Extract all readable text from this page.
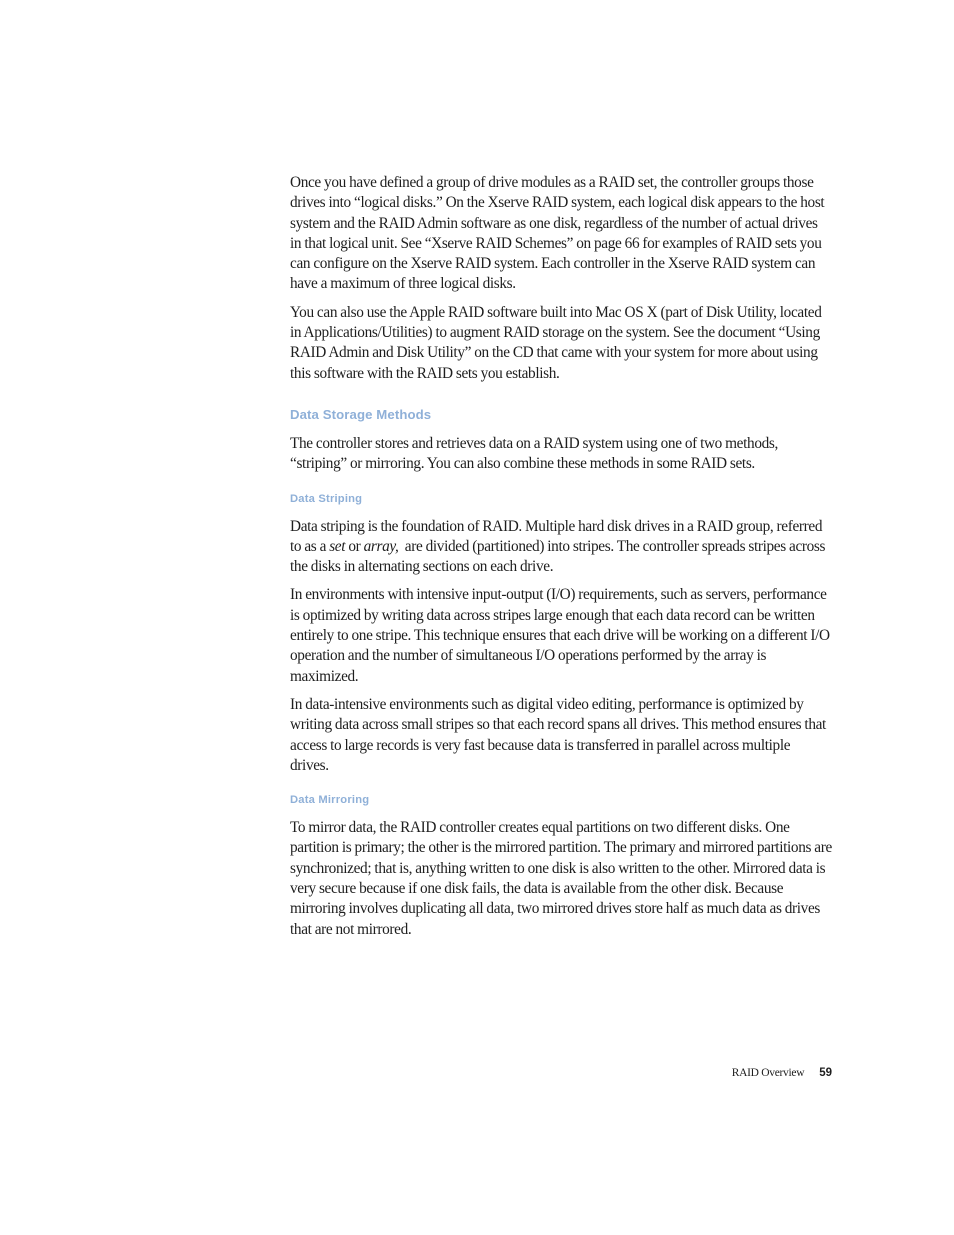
Once you have defined a group of drive modules as a RAID set, the controller groups those drives into “logical disks.” On the Xserve RAID system, each logical disk appears to the host system and the RAID Admin software as one disk, regardless of the number of actual drives in that logical unit. See “Xserve RAID Schemes” on page 66 for examples of RAID sets you can configure on the Xserve RAID system. Each controller in the Xserve RAID system can have a maximum of three logical disks.

You can also use the Apple RAID software built into Mac OS X (part of Disk Utility, located in Applications/Utilities) to augment RAID storage on the system. See the document “Using RAID Admin and Disk Utility” on the CD that came with your system for more about using this software with the RAID sets you establish.

Data Storage Methods

The controller stores and retrieves data on a RAID system using one of two methods, “striping” or mirroring. You can also combine these methods in some RAID sets.

Data Striping

Data striping is the foundation of RAID. Multiple hard disk drives in a RAID group, referred to as a set or array,  are divided (partitioned) into stripes. The controller spreads stripes across the disks in alternating sections on each drive.

In environments with intensive input-output (I/O) requirements, such as servers, performance is optimized by writing data across stripes large enough that each data record can be written entirely to one stripe. This technique ensures that each drive will be working on a different I/O operation and the number of simultaneous I/O operations performed by the array is maximized.

In data-intensive environments such as digital video editing, performance is optimized by writing data across small stripes so that each record spans all drives. This method ensures that access to large records is very fast because data is transferred in parallel across multiple drives.

Data Mirroring

To mirror data, the RAID controller creates equal partitions on two different disks. One partition is primary; the other is the mirrored partition. The primary and mirrored partitions are synchronized; that is, anything written to one disk is also written to the other. Mirrored data is very secure because if one disk fails, the data is available from the other disk. Because mirroring involves duplicating all data, two mirrored drives store half as much data as drives that are not mirrored.

RAID Overview 59
